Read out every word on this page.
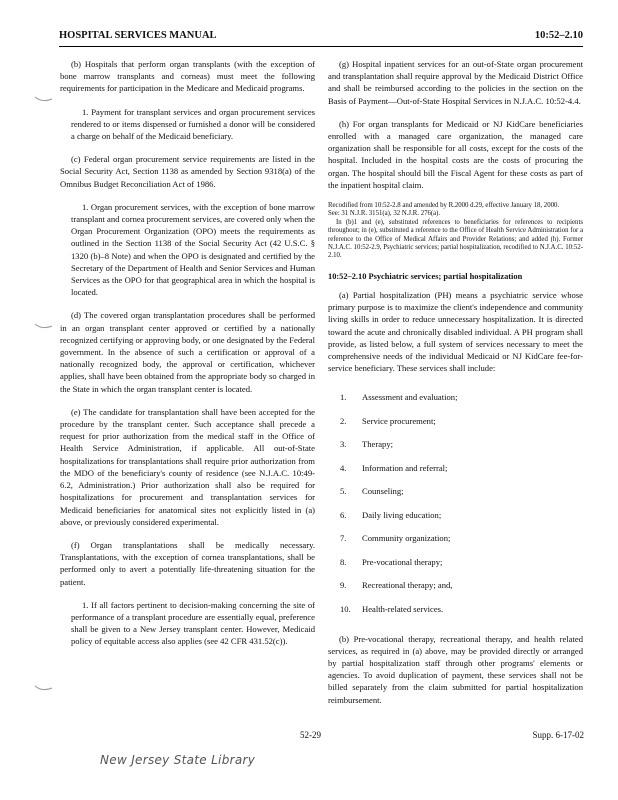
HOSPITAL SERVICES MANUAL	10:52–2.10

(b) Hospitals that perform organ transplants (with the exception of bone marrow transplants and corneas) must meet the following requirements for participation in the Medicare and Medicaid programs.

1. Payment for transplant services and organ procurement services rendered to or items dispensed or furnished a donor will be considered a charge on behalf of the Medicaid beneficiary.

(c) Federal organ procurement service requirements are listed in the Social Security Act, Section 1138 as amended by Section 9318(a) of the Omnibus Budget Reconciliation Act of 1986.

1. Organ procurement services, with the exception of bone marrow transplant and cornea procurement services, are covered only when the Organ Procurement Organization (OPO) meets the requirements as outlined in the Section 1138 of the Social Security Act (42 U.S.C. § 1320 (b)–8 Note) and when the OPO is designated and certified by the Secretary of the Department of Health and Senior Services and Human Services as the OPO for that geographical area in which the hospital is located.

(d) The covered organ transplantation procedures shall be performed in an organ transplant center approved or certified by a nationally recognized certifying or approving body, or one designated by the Federal government. In the absence of such a certification or approval of a nationally recognized body, the approval or certification, whichever applies, shall have been obtained from the appropriate body so charged in the State in which the organ transplant center is located.

(e) The candidate for transplantation shall have been accepted for the procedure by the transplant center. Such acceptance shall precede a request for prior authorization from the medical staff in the Office of Health Service Administration, if applicable. All out-of-State hospitalizations for transplantations shall require prior authorization from the MDO of the beneficiary's county of residence (see N.J.A.C. 10:49-6.2, Administration.) Prior authorization shall also be required for hospitalizations for procurement and transplantation services for Medicaid beneficiaries for anatomical sites not explicitly listed in (a) above, or previously considered experimental.

(f) Organ transplantations shall be medically necessary. Transplantations, with the exception of cornea transplantations, shall be performed only to avert a potentially life-threatening situation for the patient.

1. If all factors pertinent to decision-making concerning the site of performance of a transplant procedure are essentially equal, preference shall be given to a New Jersey transplant center. However, Medicaid policy of equitable access also applies (see 42 CFR 431.52(c)).

(g) Hospital inpatient services for an out-of-State organ procurement and transplantation shall require approval by the Medicaid District Office and shall be reimbursed according to the policies in the section on the Basis of Payment—Out-of-State Hospital Services in N.J.A.C. 10:52-4.4.

(h) For organ transplants for Medicaid or NJ KidCare beneficiaries enrolled with a managed care organization, the managed care organization shall be responsible for all costs, except for the costs of the hospital. Included in the hospital costs are the costs of procuring the organ. The hospital should bill the Fiscal Agent for these costs as part of the inpatient hospital claim.

Recodified from 10:52-2.8 and amended by R.2000 d.29, effective January 18, 2000.
See: 31 N.J.R. 3151(a), 32 N.J.R. 276(a).
In (b)1 and (e), substituted references to beneficiaries for references to recipients throughout; in (e), substituted a reference to the Office of Health Service Administration for a reference to the Office of Medical Affairs and Provider Relations; and added (h). Former N.J.A.C. 10:52-2.9, Psychiatric services; partial hospitalization, recodified to N.J.A.C. 10:52-2.10.
10:52–2.10 Psychiatric services; partial hospitalization

(a) Partial hospitalization (PH) means a psychiatric service whose primary purpose is to maximize the client's independence and community living skills in order to reduce unnecessary hospitalization. It is directed toward the acute and chronically disabled individual. A PH program shall provide, as listed below, a full system of services necessary to meet the comprehensive needs of the individual Medicaid or NJ KidCare fee-for-service beneficiary. These services shall include:

1.	Assessment and evaluation;
2.	Service procurement;
3.	Therapy;
4.	Information and referral;
5.	Counseling;
6.	Daily living education;
7.	Community organization;
8.	Pre-vocational therapy;
9.	Recreational therapy; and,
10.	Health-related services.

(b) Pre-vocational therapy, recreational therapy, and health related services, as required in (a) above, may be provided directly or arranged by partial hospitalization staff through other programs' elements or agencies. To avoid duplication of payment, these services shall not be billed separately from the claim submitted for partial hospitalization reimbursement.

52-29	Supp. 6-17-02
New Jersey State Library
